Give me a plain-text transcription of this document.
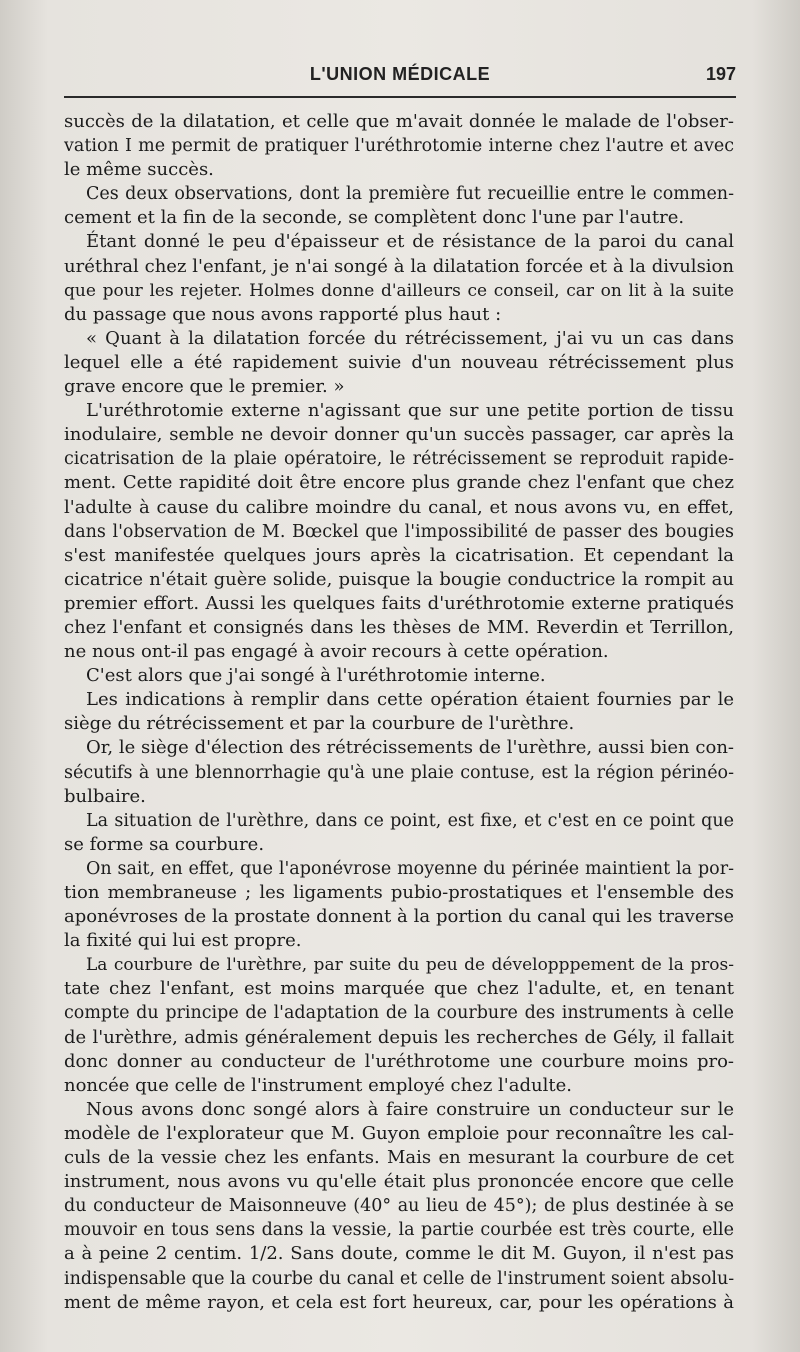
L'UNION MÉDICALE	197
succès de la dilatation, et celle que m'avait donnée le malade de l'obser-
vation I me permit de pratiquer l'uréthrotomie interne chez l'autre et avec
le même succès.
Ces deux observations, dont la première fut recueillie entre le commen-
cement et la fin de la seconde, se complètent donc l'une par l'autre.
Étant donné le peu d'épaisseur et de résistance de la paroi du canal
uréthral chez l'enfant, je n'ai songé à la dilatation forcée et à la divulsion
que pour les rejeter. Holmes donne d'ailleurs ce conseil, car on lit à la suite
du passage que nous avons rapporté plus haut :
« Quant à la dilatation forcée du rétrécissement, j'ai vu un cas dans
lequel elle a été rapidement suivie d'un nouveau rétrécissement plus
grave encore que le premier. »
L'uréthrotomie externe n'agissant que sur une petite portion de tissu
inodulaire, semble ne devoir donner qu'un succès passager, car après la
cicatrisation de la plaie opératoire, le rétrécissement se reproduit rapide-
ment. Cette rapidité doit être encore plus grande chez l'enfant que chez
l'adulte à cause du calibre moindre du canal, et nous avons vu, en effet,
dans l'observation de M. Bœckel que l'impossibilité de passer des bougies
s'est manifestée quelques jours après la cicatrisation. Et cependant la
cicatrice n'était guère solide, puisque la bougie conductrice la rompit au
premier effort. Aussi les quelques faits d'uréthrotomie externe pratiqués
chez l'enfant et consignés dans les thèses de MM. Reverdin et Terrillon,
ne nous ont-il pas engagé à avoir recours à cette opération.
C'est alors que j'ai songé à l'uréthrotomie interne.
Les indications à remplir dans cette opération étaient fournies par le
siège du rétrécissement et par la courbure de l'urèthre.
Or, le siège d'élection des rétrécissements de l'urèthre, aussi bien con-
sécutifs à une blennorrhagie qu'à une plaie contuse, est la région périnéo-
bulbaire.
La situation de l'urèthre, dans ce point, est fixe, et c'est en ce point que
se forme sa courbure.
On sait, en effet, que l'aponévrose moyenne du périnée maintient la por-
tion membraneuse ; les ligaments pubio-prostatiques et l'ensemble des
aponévroses de la prostate donnent à la portion du canal qui les traverse
la fixité qui lui est propre.
La courbure de l'urèthre, par suite du peu de développpement de la pros-
tate chez l'enfant, est moins marquée que chez l'adulte, et, en tenant
compte du principe de l'adaptation de la courbure des instruments à celle
de l'urèthre, admis généralement depuis les recherches de Gély, il fallait
donc donner au conducteur de l'uréthrotome une courbure moins pro-
noncée que celle de l'instrument employé chez l'adulte.
Nous avons donc songé alors à faire construire un conducteur sur le
modèle de l'explorateur que M. Guyon emploie pour reconnaître les cal-
culs de la vessie chez les enfants. Mais en mesurant la courbure de cet
instrument, nous avons vu qu'elle était plus prononcée encore que celle
du conducteur de Maisonneuve (40° au lieu de 45°); de plus destinée à se
mouvoir en tous sens dans la vessie, la partie courbée est très courte, elle
a à peine 2 centim. 1/2. Sans doute, comme le dit M. Guyon, il n'est pas
indispensable que la courbe du canal et celle de l'instrument soient absolu-
ment de même rayon, et cela est fort heureux, car, pour les opérations à
